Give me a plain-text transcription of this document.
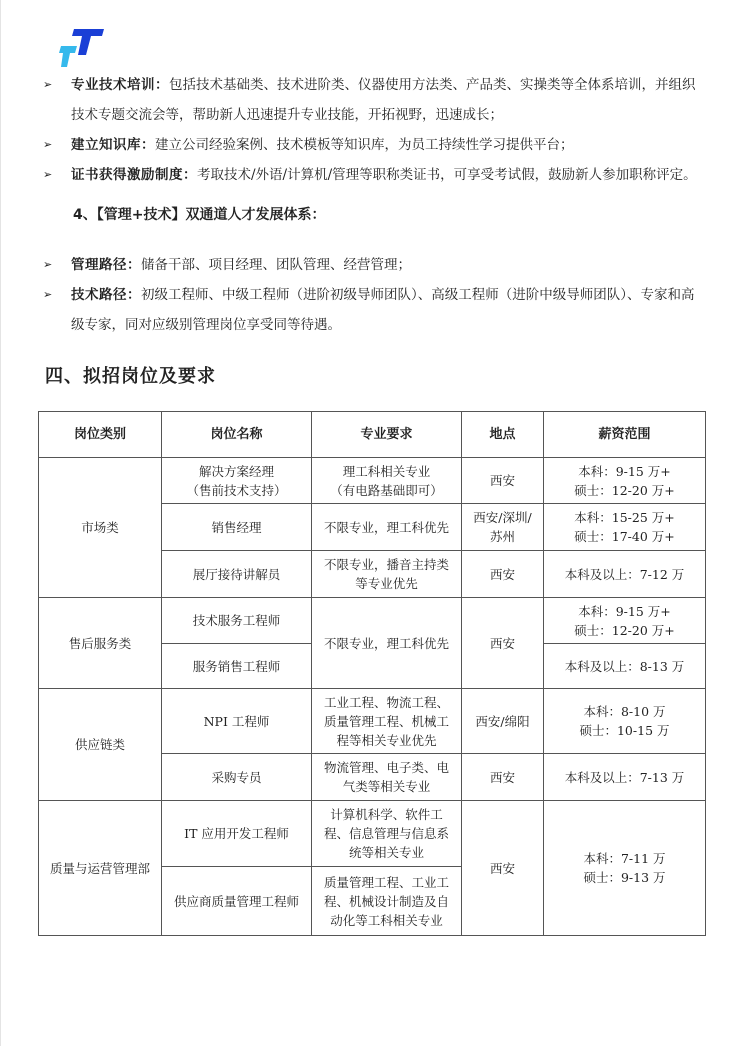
➢ 专业技术培训：包括技术基础类、技术进阶类、仪器使用方法类、产品类、实操类等全体系培训，并组织技术专题交流会等，帮助新人迅速提升专业技能，开拓视野，迅速成长；
➢ 建立知识库：建立公司经验案例、技术模板等知识库，为员工持续性学习提供平台；
➢ 证书获得激励制度：考取技术/外语/计算机/管理等职称类证书，可享受考试假，鼓励新人参加职称评定。
4、【管理+技术】双通道人才发展体系：
➢ 管理路径：储备干部、项目经理、团队管理、经营管理；
➢ 技术路径：初级工程师、中级工程师（进阶初级导师团队）、高级工程师（进阶中级导师团队）、专家和高级专家，同对应级别管理岗位享受同等待遇。
四、拟招岗位及要求
岗位类别	岗位名称	专业要求	地点	薪资范围
市场类	解决方案经理
（售前技术支持）	理工科相关专业
（有电路基础即可）	西安	本科：9-15 万+
硕士：12-20 万+
	销售经理	不限专业，理工科优先	西安/深圳/
苏州	本科：15-25 万+
硕士：17-40 万+
	展厅接待讲解员	不限专业，播音主持类
等专业优先	西安	本科及以上：7-12 万
售后服务类	技术服务工程师	不限专业，理工科优先	西安	本科：9-15 万+
硕士：12-20 万+
	服务销售工程师			本科及以上：8-13 万
供应链类	NPI 工程师	工业工程、物流工程、
质量管理工程、机械工
程等相关专业优先	西安/绵阳	本科：8-10 万
硕士：10-15 万
	采购专员	物流管理、电子类、电
气类等相关专业	西安	本科及以上：7-13 万
质量与运营管理部	IT 应用开发工程师	计算机科学、软件工
程、信息管理与信息系
统等相关专业	西安	本科：7-11 万
硕士：9-13 万
	供应商质量管理工程师	质量管理工程、工业工
程、机械设计制造及自
动化等工科相关专业		
